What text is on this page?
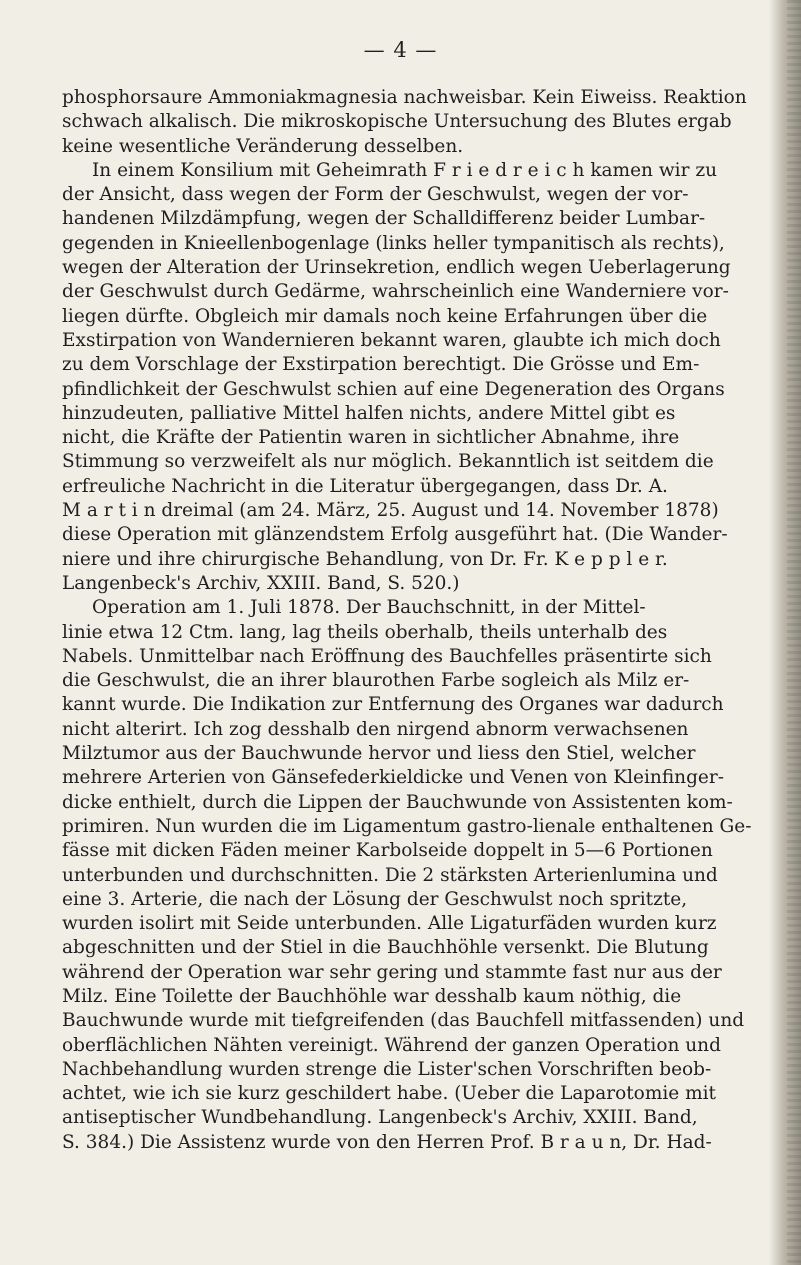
— 4 —
phosphorsaure Ammoniakmagnesia nachweisbar. Kein Eiweiss. Reaktion
schwach alkalisch. Die mikroskopische Untersuchung des Blutes ergab
keine wesentliche Veränderung desselben.
In einem Konsilium mit Geheimrath F r i e d r e i c h kamen wir zu
der Ansicht, dass wegen der Form der Geschwulst, wegen der vor-
handenen Milzdämpfung, wegen der Schalldifferenz beider Lumbar-
gegenden in Knieellenbogenlage (links heller tympanitisch als rechts),
wegen der Alteration der Urinsekretion, endlich wegen Ueberlagerung
der Geschwulst durch Gedärme, wahrscheinlich eine Wanderniere vor-
liegen dürfte. Obgleich mir damals noch keine Erfahrungen über die
Exstirpation von Wandernieren bekannt waren, glaubte ich mich doch
zu dem Vorschlage der Exstirpation berechtigt. Die Grösse und Em-
pfindlichkeit der Geschwulst schien auf eine Degeneration des Organs
hinzudeuten, palliative Mittel halfen nichts, andere Mittel gibt es
nicht, die Kräfte der Patientin waren in sichtlicher Abnahme, ihre
Stimmung so verzweifelt als nur möglich. Bekanntlich ist seitdem die
erfreuliche Nachricht in die Literatur übergegangen, dass Dr. A.
M a r t i n dreimal (am 24. März, 25. August und 14. November 1878)
diese Operation mit glänzendstem Erfolg ausgeführt hat. (Die Wander-
niere und ihre chirurgische Behandlung, von Dr. Fr. K e p p l e r.
Langenbeck's Archiv, XXIII. Band, S. 520.)
Operation am 1. Juli 1878. Der Bauchschnitt, in der Mittel-
linie etwa 12 Ctm. lang, lag theils oberhalb, theils unterhalb des
Nabels. Unmittelbar nach Eröffnung des Bauchfelles präsentirte sich
die Geschwulst, die an ihrer blaurothen Farbe sogleich als Milz er-
kannt wurde. Die Indikation zur Entfernung des Organes war dadurch
nicht alterirt. Ich zog desshalb den nirgend abnorm verwachsenen
Milztumor aus der Bauchwunde hervor und liess den Stiel, welcher
mehrere Arterien von Gänsefederkieldicke und Venen von Kleinfinger-
dicke enthielt, durch die Lippen der Bauchwunde von Assistenten kom-
primiren. Nun wurden die im Ligamentum gastro-lienale enthaltenen Ge-
fässe mit dicken Fäden meiner Karbolseide doppelt in 5—6 Portionen
unterbunden und durchschnitten. Die 2 stärksten Arterienlumina und
eine 3. Arterie, die nach der Lösung der Geschwulst noch spritzte,
wurden isolirt mit Seide unterbunden. Alle Ligaturfäden wurden kurz
abgeschnitten und der Stiel in die Bauchhöhle versenkt. Die Blutung
während der Operation war sehr gering und stammte fast nur aus der
Milz. Eine Toilette der Bauchhöhle war desshalb kaum nöthig, die
Bauchwunde wurde mit tiefgreifenden (das Bauchfell mitfassenden) und
oberflächlichen Nähten vereinigt. Während der ganzen Operation und
Nachbehandlung wurden strenge die Lister'schen Vorschriften beob-
achtet, wie ich sie kurz geschildert habe. (Ueber die Laparotomie mit
antiseptischer Wundbehandlung. Langenbeck's Archiv, XXIII. Band,
S. 384.) Die Assistenz wurde von den Herren Prof. B r a u n, Dr. Had-
